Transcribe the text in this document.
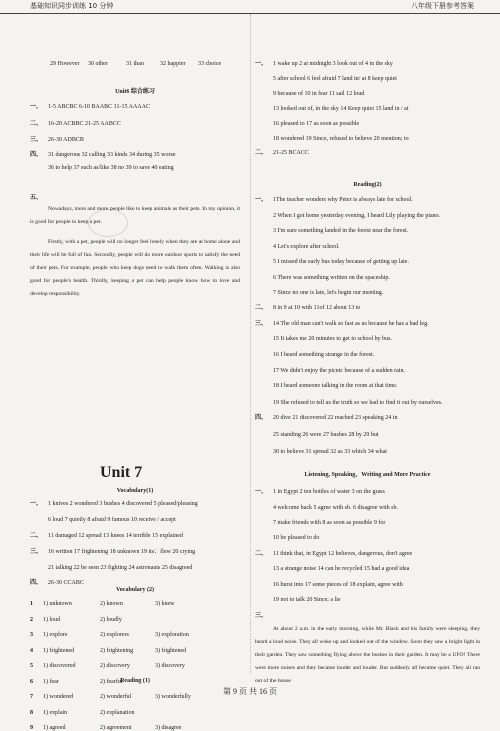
基础知识同步训练 10 分钟	八年级下册参考答案
Unit 7
第 9 页 共 16 页
29 However 30 other	31 than	32 happier 33 choice
Unit6 综合练习
一、 1-5 ABCBC 6-10 BAABC 11-15 AAAAC
二、 16-20 ACBBC 21-25 AABCC
三、 26-30 ADBCB
四、 31 dangerous 32 calling 33 kinds 34 during 35 worse
36 to help 37 such as/like 38 no 39 to save 40 eating
五、
Nowadays, more and more people like to keep animals as their pets. In my opinion, it is good for people to keep a pet.
Firstly, with a pet, people will no longer feel lonely when they are at home alone and their life will be full of fun. Secondly, people will do more outdoor sports to satisfy the need of their pets. For example, people who keep dogs need to walk them often. Walking is also good for people's health. Thirdly, keeping a pet can help people know how to love and develop responsibility.
Vocabulary(1)
一、 1 knives 2 wondered 3 bushes 4 discovered 5 pleased/pleasing
6 loud 7 quietly 8 afraid 9 famous 10 receive / accept
二、 11 damaged 12 spread 13 knees 14 terrible 15 explained
三、 16 written 17 frightening 18 unknown 19 its；flew 20 crying
21 talking 22 be seen 23 fighting 24 astronauts 25 disagreed
四、 26-30 CCABC
Vocabulary (2)
1 1) unknown	2) known	3) knew
2 1) loud	2) loudly
3 1) explore	2) explorers	3) exploration
4 1) frightened	2) frightening	3) frightened
5 1) discovered	2) discovery	3) discovery
6 1) fear	2) fearful
7 1) wondered	2) wonderful	3) wonderfully
8 1) explain	2) explanation
9 1) agreed	2) agreement	3) disagree
Reading (1)
一、 1 wake up 2 at midnight 3 look out of 4 in the sky
5 after school 6 feel afraid 7 land in/ at 8 keep quiet
9 because of 10 in fear 11 sail 12 loud
13 looked out of, in the sky 14 Keep quiet 15 land in / at
16 pleased to 17 as soon as possible
18 wondered 19 Since, refused to believe 20 mention; to
二、 21-25 BCACC
Reading(2)
一、 1The teacher wonders why Peter is always late for school.
2 When I got home yesterday evening, I heard Lily playing the piano.
3 I'm sure something landed in the forest near the forest.
4 Let's explore after school.
5 I missed the early bus today because of getting up late.
6 There was something written on the spaceship.
7 Since no one is late, let's begin our meeting.
二、 8 in 9 at 10 with 11of 12 about 13 to
三、 14 The old man can't walk so fast as us because he has a bad leg.
15 It takes me 20 minutes to get to school by bus.
16 I heard something strange in the forest.
17 We didn't enjoy the picnic because of a sudden rain.
18 I heard someone talking in the room at that time.
19 She refused to tell us the truth so we had to find it out by ourselves.
四、 20 dive 21 discovered 22 reached 23 speaking 24 in
25 standing 26 were 27 bushes 28 by 29 but
30 to believe 31 spread 32 as 33 which 34 what
Listening, Speaking，Writing and More Practice
一、 1 in Egypt 2 ten bottles of water 3 on the grass
4 welcome back 5 agree with sb. 6 disagree with sb.
7 make friends with 8 as soon as possible 9 for
10 be pleased to do
二、 11 think that, in Egypt 12 believes, dangerous, don't agree
13 a strange noise 14 can be recycled 15 had a good idea
16 burst into 17 some pieces of 18 explain, agree with
19 not to talk 20 Since; a lie
三、
At about 2 a.m. in the early morning, while Mr. Black and his family were sleeping, they heard a loud noise. They all woke up and looked out of the window. Soon they saw a bright light in their garden. They saw something flying above the bushes in their garden. It may be a UFO! There were more noises and they became louder and louder. But suddenly all became quiet. They all ran out of the house
